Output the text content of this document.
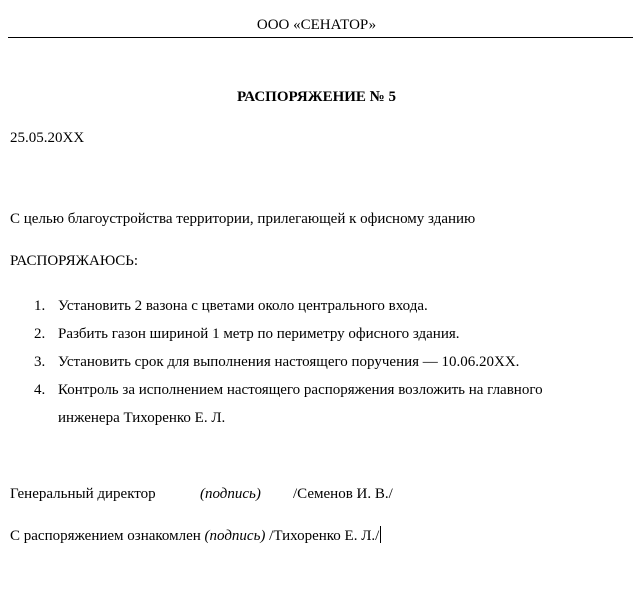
ООО «СЕНАТОР»
РАСПОРЯЖЕНИЕ № 5
25.05.20ХХ
С целью благоустройства территории, прилегающей к офисному зданию
РАСПОРЯЖАЮСЬ:
1. Установить 2 вазона с цветами около центрального входа.
2. Разбить газон шириной 1 метр по периметру офисного здания.
3. Установить срок для выполнения настоящего поручения — 10.06.20ХХ.
4. Контроль за исполнением настоящего распоряжения возложить на главного
инженера Тихоренко Е. Л.
Генеральный директор	(подпись) /Семенов И. В./
С распоряжением ознакомлен (подпись) /Тихоренко Е. Л./
